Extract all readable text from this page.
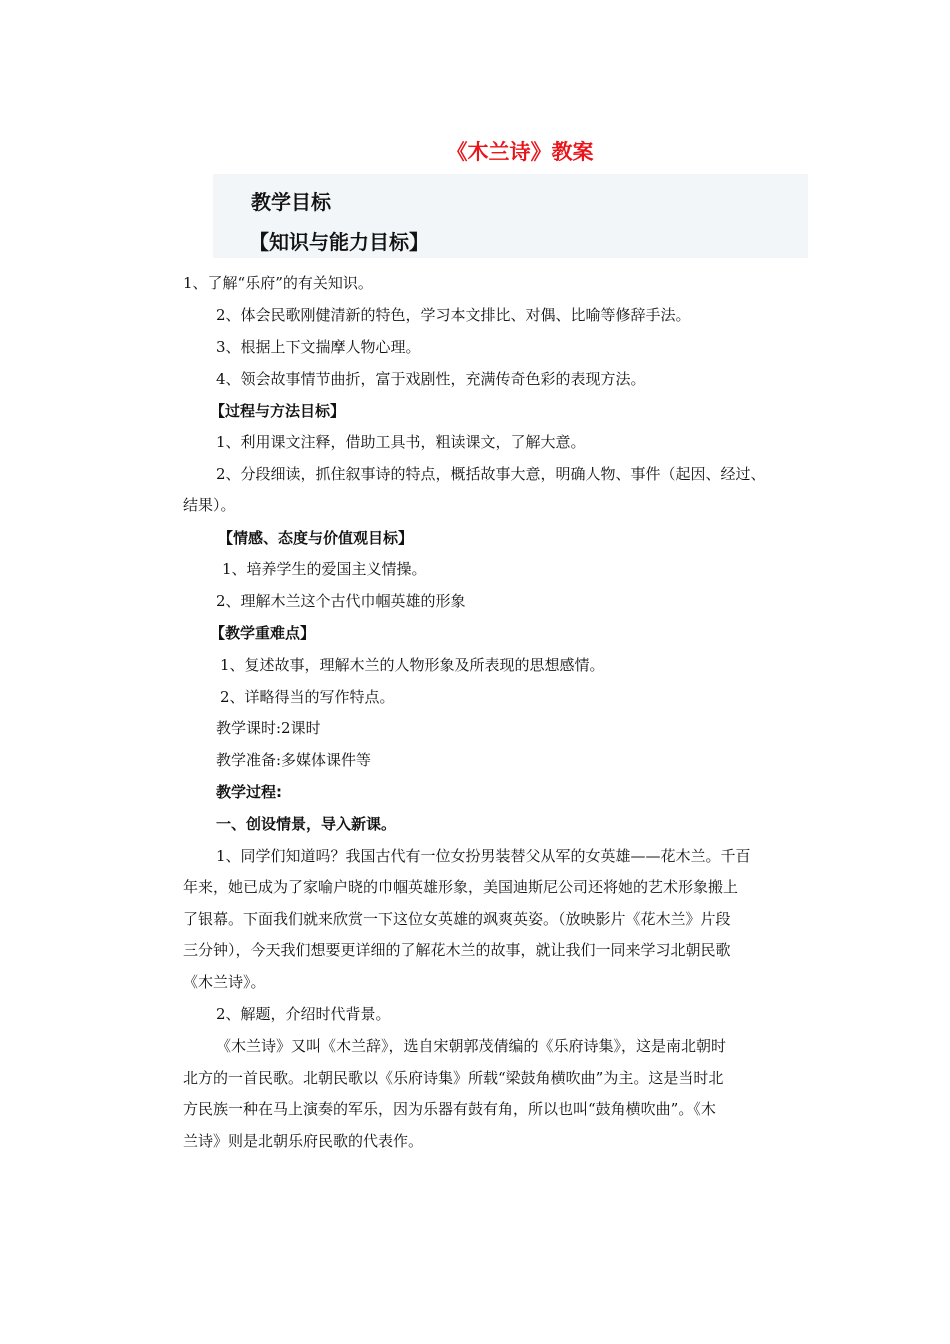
《木兰诗》教案
教学目标
【知识与能力目标】
1、了解“乐府”的有关知识。
2、体会民歌刚健清新的特色，学习本文排比、对偶、比喻等修辞手法。
3、根据上下文揣摩人物心理。
4、领会故事情节曲折，富于戏剧性，充满传奇色彩的表现方法。
【过程与方法目标】
1、利用课文注释，借助工具书，粗读课文，了解大意。
2、分段细读，抓住叙事诗的特点，概括故事大意，明确人物、事件（起因、经过、
结果）。
【情感、态度与价值观目标】
1、培养学生的爱国主义情操。
2、理解木兰这个古代巾帼英雄的形象
【教学重难点】
1、复述故事，理解木兰的人物形象及所表现的思想感情。
2、详略得当的写作特点。
教学课时:2课时
教学准备:多媒体课件等
教学过程:
一、创设情景，导入新课。
1、同学们知道吗？我国古代有一位女扮男装替父从军的女英雄——花木兰。千百
年来，她已成为了家喻户晓的巾帼英雄形象，美国迪斯尼公司还将她的艺术形象搬上
了银幕。下面我们就来欣赏一下这位女英雄的飒爽英姿。（放映影片《花木兰》片段
三分钟），今天我们想要更详细的了解花木兰的故事，就让我们一同来学习北朝民歌
《木兰诗》。
2、解题，介绍时代背景。
《木兰诗》又叫《木兰辞》，选自宋朝郭茂倩编的《乐府诗集》，这是南北朝时
北方的一首民歌。北朝民歌以《乐府诗集》所载“梁鼓角横吹曲”为主。这是当时北
方民族一种在马上演奏的军乐，因为乐器有鼓有角，所以也叫“鼓角横吹曲”。《木
兰诗》则是北朝乐府民歌的代表作。
